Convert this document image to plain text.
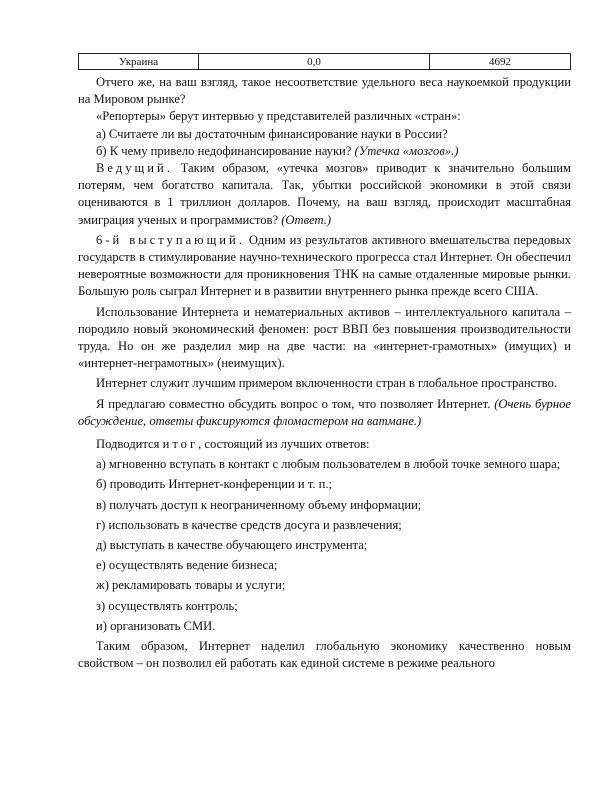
Украина	0,0	4692

Отчего же, на ваш взгляд, такое несоответствие удельного веса наукоемкой продукции на Мировом рынке?

«Репортеры» берут интервью у представителей различных «стран»:

а) Считаете ли вы достаточным финансирование науки в России?

б) К чему привело недофинансирование науки? (Утечка «мозгов».)

Ведущий. Таким образом, «утечка мозгов» приводит к значительно большим потерям, чем богатство капитала. Так, убытки российской экономики в этой связи оцениваются в 1 триллион долларов. Почему, на ваш взгляд, происходит масштабная эмиграция ученых и программистов? (Ответ.)

6-й выступающий. Одним из результатов активного вмешательства передовых государств в стимулирование научно-технического прогресса стал Интернет. Он обеспечил невероятные возможности для проникновения ТНК на самые отдаленные мировые рынки. Большую роль сыграл Интернет и в развитии внутреннего рынка прежде всего США.

Использование Интернета и нематериальных активов – интеллектуального капитала – породило новый экономический феномен: рост ВВП без повышения производительности труда. Но он же разделил мир на две части: на «интернет-грамотных» (имущих) и «интернет-неграмотных» (неимущих).

Интернет служит лучшим примером включенности стран в глобальное пространство.

Я предлагаю совместно обсудить вопрос о том, что позволяет Интернет. (Очень бурное обсуждение, ответы фиксируются фломастером на ватмане.)

Подводится итог, состоящий из лучших ответов:

а) мгновенно вступать в контакт с любым пользователем в любой точке земного шара;

б) проводить Интернет-конференции и т. п.;

в) получать доступ к неограниченному объему информации;

г) использовать в качестве средств досуга и развлечения;

д) выступать в качестве обучающего инструмента;

е) осуществлять ведение бизнеса;

ж) рекламировать товары и услуги;

з) осуществлять контроль;

и) организовать СМИ.

Таким образом, Интернет наделил глобальную экономику качественно новым свойством – он позволил ей работать как единой системе в режиме реального
